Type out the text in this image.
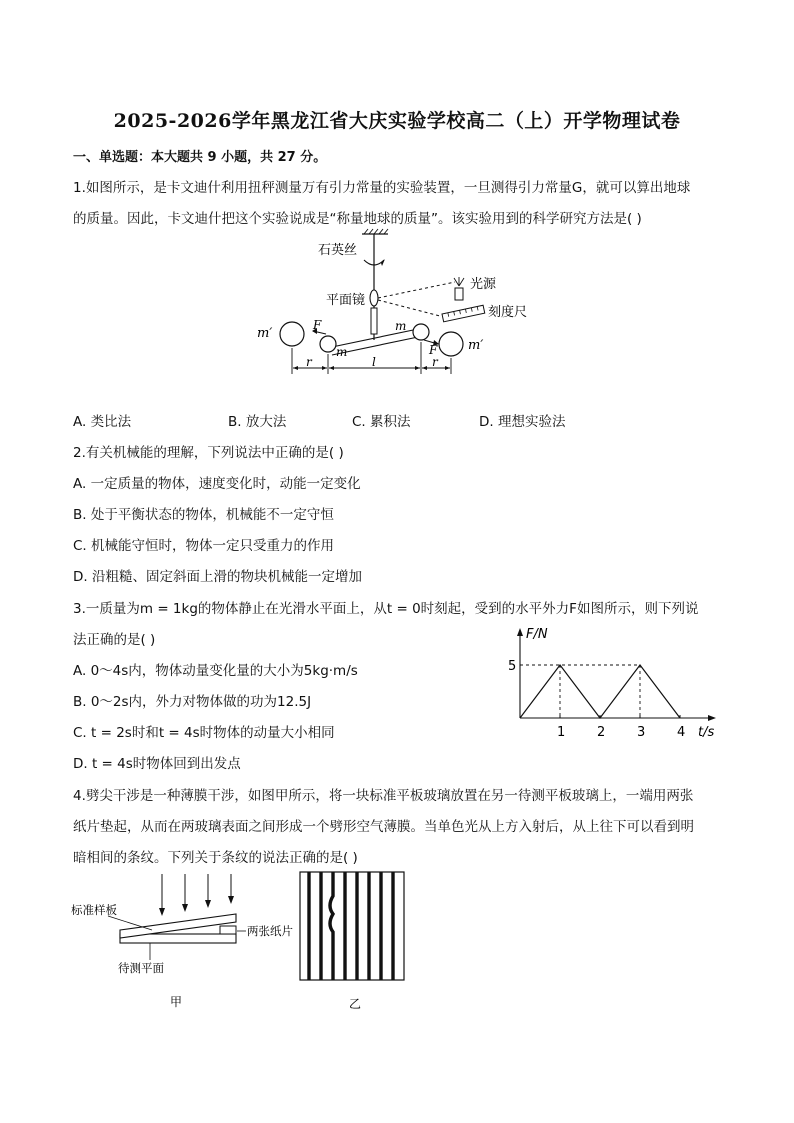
2025-2026学年黑龙江省大庆实验学校高二（上）开学物理试卷
一、单选题：本大题共 9 小题，共 27 分。
1.如图所示，是卡文迪什利用扭秤测量万有引力常量的实验装置，一旦测得引力常量G，就可以算出地球
的质量。因此，卡文迪什把这个实验说成是“称量地球的质量”。该实验用到的科学研究方法是( )
石英丝
平面镜
光源
刻度尺
m′
m′
m
m
F
F
r	l	r
A. 类比法	B. 放大法	C. 累积法	D. 理想实验法
2.有关机械能的理解，下列说法中正确的是( )
A. 一定质量的物体，速度变化时，动能一定变化
B. 处于平衡状态的物体，机械能不一定守恒
C. 机械能守恒时，物体一定只受重力的作用
D. 沿粗糙、固定斜面上滑的物块机械能一定增加
3.一质量为m = 1kg的物体静止在光滑水平面上，从t = 0时刻起，受到的水平外力F如图所示，则下列说
法正确的是( )
A. 0～4s内，物体动量变化量的大小为5kg·m/s
B. 0～2s内，外力对物体做的功为12.5J
C. t = 2s时和t = 4s时物体的动量大小相同
D. t = 4s时物体回到出发点
1 2 3 4
5
F/N
t/s
4.劈尖干涉是一种薄膜干涉，如图甲所示，将一块标准平板玻璃放置在另一待测平板玻璃上，一端用两张
纸片垫起，从而在两玻璃表面之间形成一个劈形空气薄膜。当单色光从上方入射后，从上往下可以看到明
暗相间的条纹。下列关于条纹的说法正确的是( )
标准样板
两张纸片
待测平面
甲	乙
